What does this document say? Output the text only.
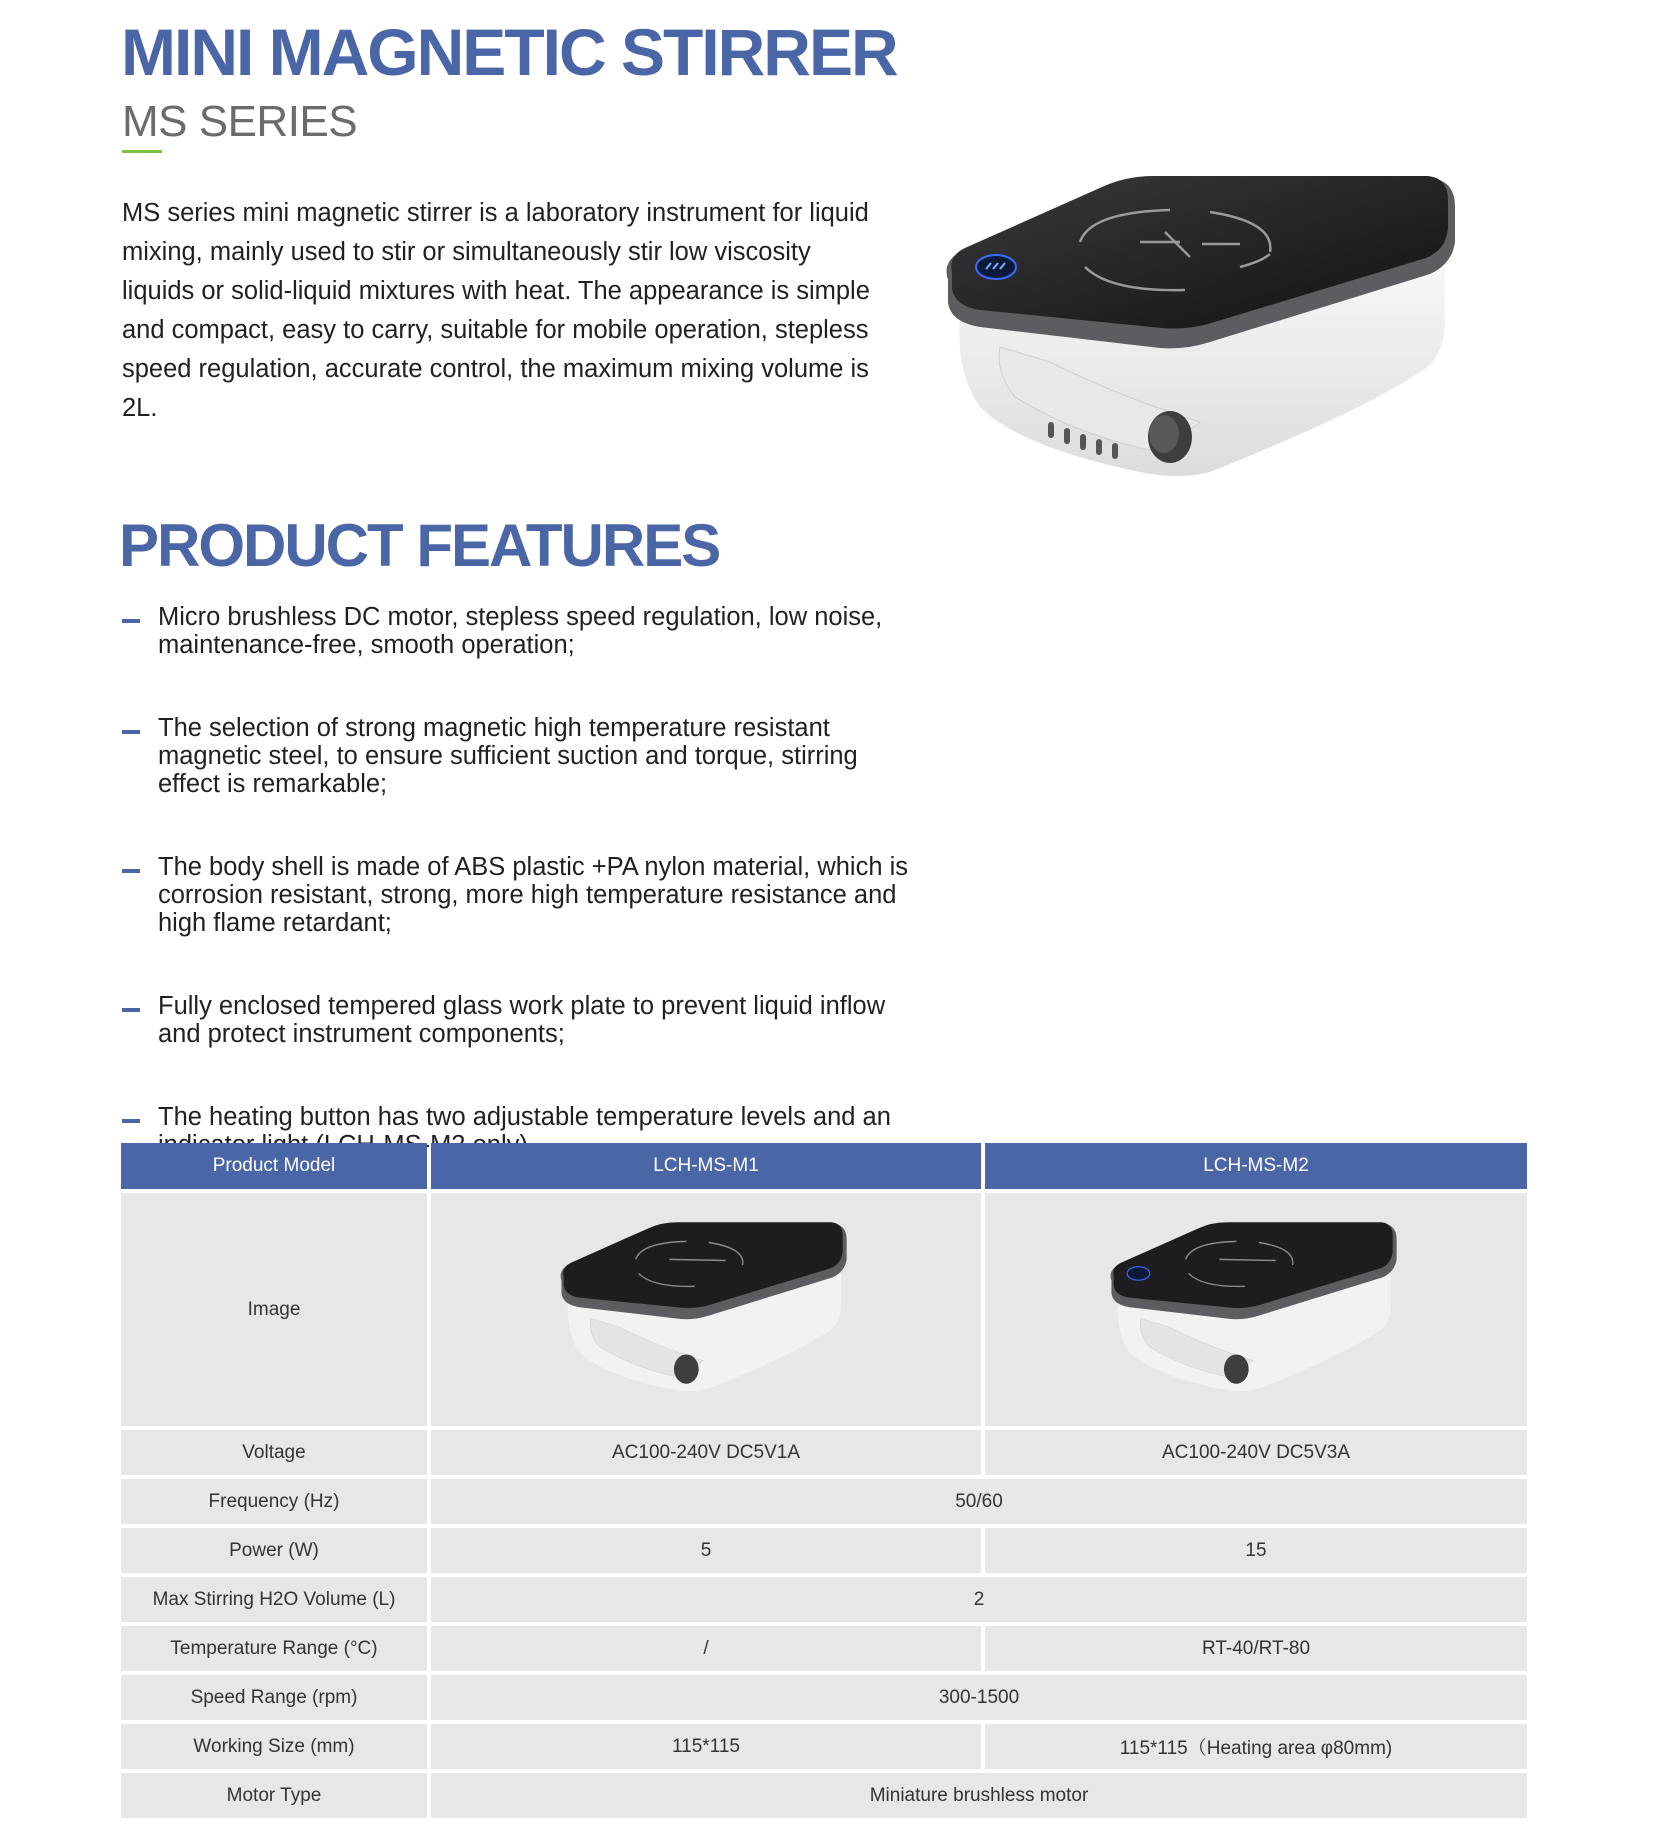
MINI MAGNETIC STIRRER
MS SERIES
MS series mini magnetic stirrer is a laboratory instrument for liquid mixing, mainly used to stir or simultaneously stir low viscosity liquids or solid-liquid mixtures with heat. The appearance is simple and compact, easy to carry, suitable for mobile operation, stepless speed regulation, accurate control, the maximum mixing volume is 2L.
PRODUCT FEATURES
Micro brushless DC motor, stepless speed regulation, low noise, maintenance-free, smooth operation;
The selection of strong magnetic high temperature resistant magnetic steel, to ensure sufficient suction and torque, stirring effect is remarkable;
The body shell is made of ABS plastic +PA nylon material, which is corrosion resistant, strong, more high temperature resistance and high flame retardant;
Fully enclosed tempered glass work plate to prevent liquid inflow and protect instrument components;
The heating button has two adjustable temperature levels and an
Product Model	LCH-MS-M1	LCH-MS-M2
Image	

Voltage	AC100-240V DC5V1A	AC100-240V DC5V3A
Frequency (Hz)	50/60	
Power (W)	5	15
Max Stirring H2O Volume (L)	2	
Temperature Range (°C)	/	RT-40/RT-80
Speed Range (rpm)	300-1500	
Working Size (mm)	115*115	115*115（Heating area φ80mm)
Motor Type	Miniature brushless motor	
